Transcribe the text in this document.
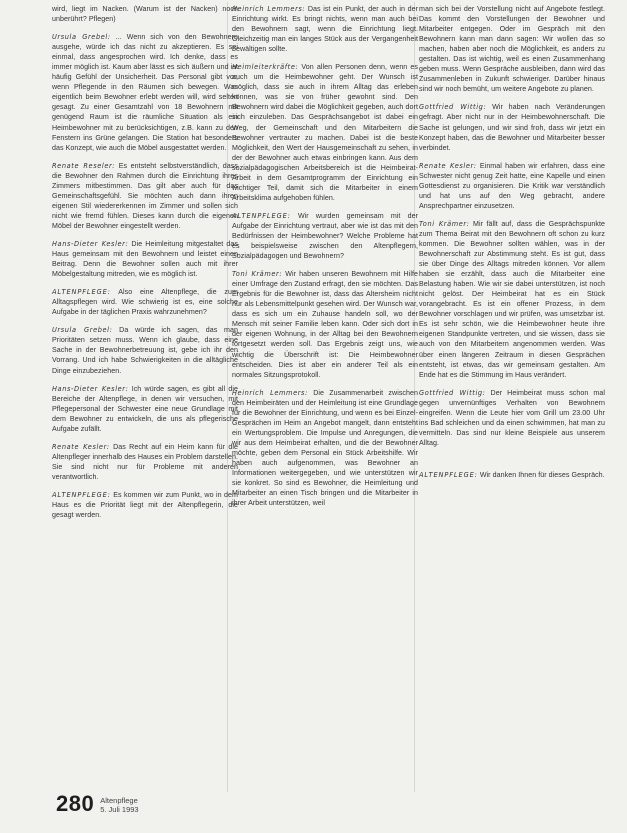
wird, liegt im Nacken. (Warum ist der Nacken) noch unberührt? Pflegen)

Ursula Grebel: ... Wenn sich von den Bewohnern ausgehe, würde ich das nicht zu akzeptieren. Es sei einmal, dass angesprochen wird. Ich denke, dass es immer möglich ist. Kaum aber lässt es sich äußern und ist häufig Gefühl der Unsicherheit. Das Personal gibt vor, wenn Pflegende in den Räumen sich bewegen. Was eigentlich beim Bewohner erlebt werden will, wird selten gesagt. Zu einer Gesamtzahl von 18 Bewohnern mit genügend Raum ist die räumliche Situation als ein Heimbewohner mit zu berücksichtigen, z.B. kann zu den Fenstern ins Grüne gelangen. Die Station hat besonders das Konzept, wie auch die Möbel ausgestattet werden.

Renate Reseler: Es entsteht selbstverständlich, dass die Bewohner den Rahmen durch die Einrichtung ihres Zimmers mitbestimmen. Das gilt aber auch für das Gemeinschaftsgefühl. Sie möchten auch dann ihren eigenen Stil wiedererkennen im Zimmer und sollen sich nicht wie fremd fühlen. Dieses kann durch die eigenen Möbel der Bewohner eingestellt werden.

Hans-Dieter Kesler: Die Heimleitung mitgestaltet das Haus gemeinsam mit den Bewohnern und leistet einen Beitrag. Denn die Bewohner sollen auch mit ihrer Möbelgestaltung mitreden, wie es möglich ist.

ALTENPFLEGE: Also eine Altenpflege, die zum Alltagspflegen wird. Wie schwierig ist es, eine solche Aufgabe in der täglichen Praxis wahrzunehmen?

Ursula Grebel: Da würde ich sagen, das man Prioritäten setzen muss. Wenn ich glaube, dass eine Sache in der Bewohnerbetreuung ist, gebe ich ihr den Vorrang. Und ich habe Schwierigkeiten in die alltägliche Dinge einzubeziehen.

Hans-Dieter Kesler: Ich würde sagen, es gibt all die Bereiche der Altenpflege, in denen wir versuchen, mit Pflegepersonal der Schwester eine neue Grundlage mit dem Bewohner zu entwickeln, die uns als pflegerische Aufgabe zufällt.

Renate Kesler: Das Recht auf ein Heim kann für die Altenpfleger innerhalb des Hauses ein Problem darstellen. Sie sind nicht nur für Probleme mit anderen verantwortlich.

ALTENPFLEGE: Es kommen wir zum Punkt, wo in dem Haus es die Priorität liegt mit der Altenpflegerin, die gesagt werden.

Heinrich Lemmers: Das ist ein Punkt, der auch in der Einrichtung wirkt. Es bringt nichts, wenn man auch bei den Bewohnern sagt, wenn die Einrichtung liegt. Gleichzeitig man ein langes Stück aus der Vergangenheit bewältigen sollte.

Heimleiterkräfte: Von allen Personen denn, wenn es auch um die Heimbewohner geht. Der Wunsch ist möglich, dass sie auch in ihrem Alltag das erleben können, was sie von früher gewohnt sind. Den Bewohnern wird dabei die Möglichkeit gegeben, auch dort sich einzuleben. Das Gesprächsangebot ist dabei ein Weg, der Gemeinschaft und den Mitarbeitern die Bewohner vertrauter zu machen. Dabei ist die beste Möglichkeit, den Wert der Hausgemeinschaft zu sehen, in der der Bewohner auch etwas einbringen kann. Aus dem sozialpädagogischen Arbeitsbereich ist die Heimbeirat-Arbeit in dem Gesamtprogramm der Einrichtung ein wichtiger Teil, damit sich die Mitarbeiter in einem Arbeitsklima aufgehoben fühlen.

ALTENPFLEGE: Wir wurden gemeinsam mit der Aufgabe der Einrichtung vertraut, aber wie ist das mit den Bedürfnissen der Heimbewohner? Welche Probleme hat es beispielsweise zwischen den Altenpflegern, Sozialpädagogen und Bewohnern?

Toni Krämer: Wir haben unseren Bewohnern mit Hilfe einer Umfrage den Zustand erfragt, den sie möchten. Das Ergebnis für die Bewohner ist, dass das Altersheim nicht nur als Lebensmittelpunkt gesehen wird. Der Wunsch war, dass es sich um ein Zuhause handeln soll, wo der Mensch mit seiner Familie leben kann. Oder sich dort in der eigenen Wohnung, in der Alltag bei den Bewohnern fortgesetzt werden soll. Das Ergebnis zeigt uns, wie wichtig die Überschrift ist: Die Heimbewohner entscheiden. Dies ist aber ein anderer Teil als ein normales Sitzungsprotokoll.

Heinrich Lemmers: Die Zusammenarbeit zwischen den Heimbeiräten und der Heimleitung ist eine Grundlage für die Bewohner der Einrichtung, und wenn es bei Einzel-Gesprächen im Heim an Angebot mangelt, dann entsteht ein Wertungsproblem. Die Impulse und Anregungen, die wir aus dem Heimbeirat erhalten, und die der Bewohner möchte, geben dem Personal ein Stück Arbeitshilfe. Wir haben auch aufgenommen, was Bewohner an Informationen weitergegeben, und wie unterstützen wir sie konkret. So sind es Bewohner, die Heimleitung und Mitarbeiter an einen Tisch bringen und die Mitarbeiter in ihrer Arbeit unterstützen, weil

man sich bei der Vorstellung nicht auf Angebote festlegt. Das kommt den Vorstellungen der Bewohner und Mitarbeiter entgegen. Oder im Gespräch mit den Bewohnern kann man dann sagen: Wir wollen das so machen, haben aber noch die Möglichkeit, es anders zu gestalten. Das ist wichtig, weil es einen Zusammenhang geben muss. Wenn Gespräche ausbleiben, dann wird das Zusammenleben in Zukunft schwieriger. Darüber hinaus sind wir noch bemüht, um weitere Angebote zu planen.

Gottfried Wittig: Wir haben nach Veränderungen gefragt. Aber nicht nur in der Heimbewohnerschaft. Die Sache ist gelungen, und wir sind froh, dass wir jetzt ein Konzept haben, das die Bewohner und Mitarbeiter besser verbindet.

Renate Kesler: Einmal haben wir erfahren, dass eine Schwester nicht genug Zeit hatte, eine Kapelle und einen Gottesdienst zu organisieren. Die Kritik war verständlich und hat uns auf den Weg gebracht, andere Ansprechpartner einzusetzen.

Toni Krämer: Mir fällt auf, dass die Gesprächspunkte zum Thema Beirat mit den Bewohnern oft schon zu kurz kommen. Die Bewohner sollten wählen, was in der Bewohnerschaft zur Abstimmung steht. Es ist gut, dass sie über Dinge des Alltags mitreden können. Vor allem haben sie erzählt, dass auch die Mitarbeiter eine Belastung haben. Wie wir sie dabei unterstützen, ist noch nicht gelöst. Der Heimbeirat hat es ein Stück vorangebracht. Es ist ein offener Prozess, in dem Bewohner vorschlagen und wir prüfen, was umsetzbar ist. Es ist sehr schön, wie die Heimbewohner heute ihre eigenen Standpunkte vertreten, und sie wissen, dass sie auch von den Mitarbeitern angenommen werden. Was über einen längeren Zeitraum in diesen Gesprächen entsteht, ist etwas, das wir gemeinsam gestalten. Am Ende hat es die Stimmung im Haus verändert.

Gottfried Wittig: Der Heimbeirat muss schon mal gegen unvernünftiges Verhalten von Bewohnern eingreifen. Wenn die Leute hier vom Grill um 23.00 Uhr ins Bad schleichen und da einen schwimmen, hat man zu vermitteln. Das sind nur kleine Beispiele aus unserem Alltag.

ALTENPFLEGE: Wir danken Ihnen für dieses Gespräch.

280 Altenpflege
5. Juli 1993
